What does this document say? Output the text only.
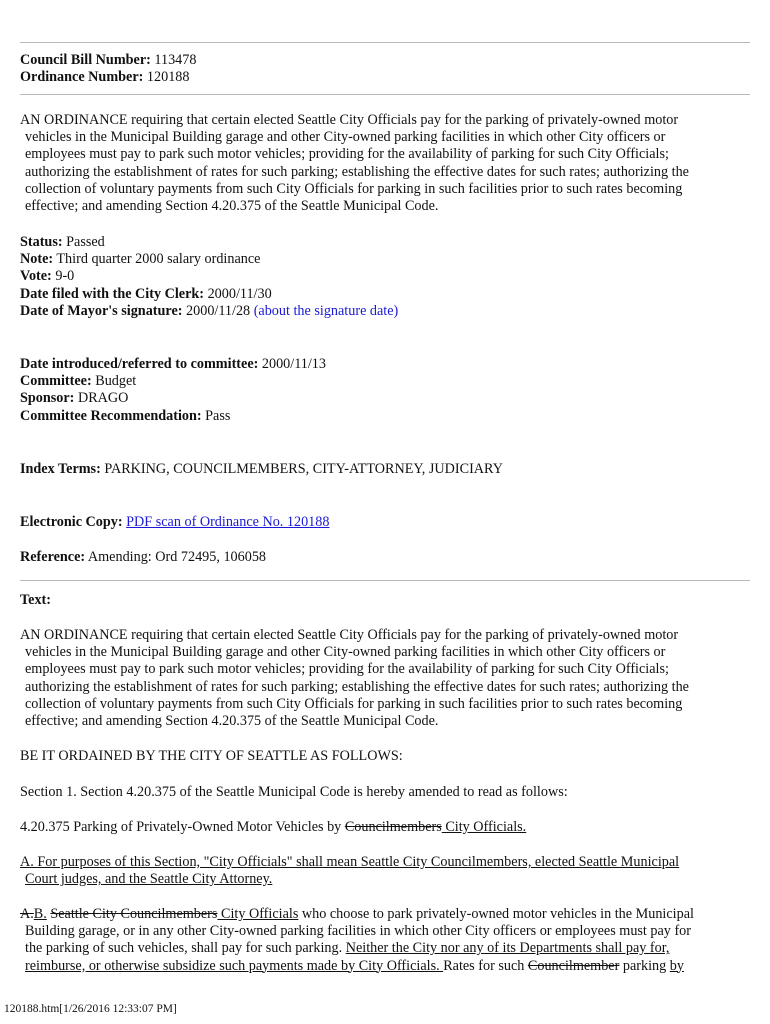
Council Bill Number: 113478
Ordinance Number: 120188
AN ORDINANCE requiring that certain elected Seattle City Officials pay for the parking of privately-owned motor
vehicles in the Municipal Building garage and other City-owned parking facilities in which other City officers or
employees must pay to park such motor vehicles; providing for the availability of parking for such City Officials;
authorizing the establishment of rates for such parking; establishing the effective dates for such rates; authorizing the
collection of voluntary payments from such City Officials for parking in such facilities prior to such rates becoming
effective; and amending Section 4.20.375 of the Seattle Municipal Code.
Status: Passed
Note: Third quarter 2000 salary ordinance
Vote: 9-0
Date filed with the City Clerk: 2000/11/30
Date of Mayor's signature: 2000/11/28 (about the signature date)
Date introduced/referred to committee: 2000/11/13
Committee: Budget
Sponsor: DRAGO
Committee Recommendation: Pass
Index Terms: PARKING, COUNCILMEMBERS, CITY-ATTORNEY, JUDICIARY
Electronic Copy: PDF scan of Ordinance No. 120188
Reference: Amending: Ord 72495, 106058
Text:
AN ORDINANCE requiring that certain elected Seattle City Officials pay for the parking of privately-owned motor
vehicles in the Municipal Building garage and other City-owned parking facilities in which other City officers or
employees must pay to park such motor vehicles; providing for the availability of parking for such City Officials;
authorizing the establishment of rates for such parking; establishing the effective dates for such rates; authorizing the
collection of voluntary payments from such City Officials for parking in such facilities prior to such rates becoming
effective; and amending Section 4.20.375 of the Seattle Municipal Code.
BE IT ORDAINED BY THE CITY OF SEATTLE AS FOLLOWS:
Section 1. Section 4.20.375 of the Seattle Municipal Code is hereby amended to read as follows:
4.20.375 Parking of Privately-Owned Motor Vehicles by Councilmembers City Officials.
A. For purposes of this Section, "City Officials" shall mean Seattle City Councilmembers, elected Seattle Municipal
Court judges, and the Seattle City Attorney.
A.B. Seattle City Councilmembers City Officials who choose to park privately-owned motor vehicles in the Municipal
Building garage, or in any other City-owned parking facilities in which other City officers or employees must pay for
the parking of such vehicles, shall pay for such parking. Neither the City nor any of its Departments shall pay for,
reimburse, or otherwise subsidize such payments made by City Officials. Rates for such Councilmember parking by
120188.htm[1/26/2016 12:33:07 PM]
